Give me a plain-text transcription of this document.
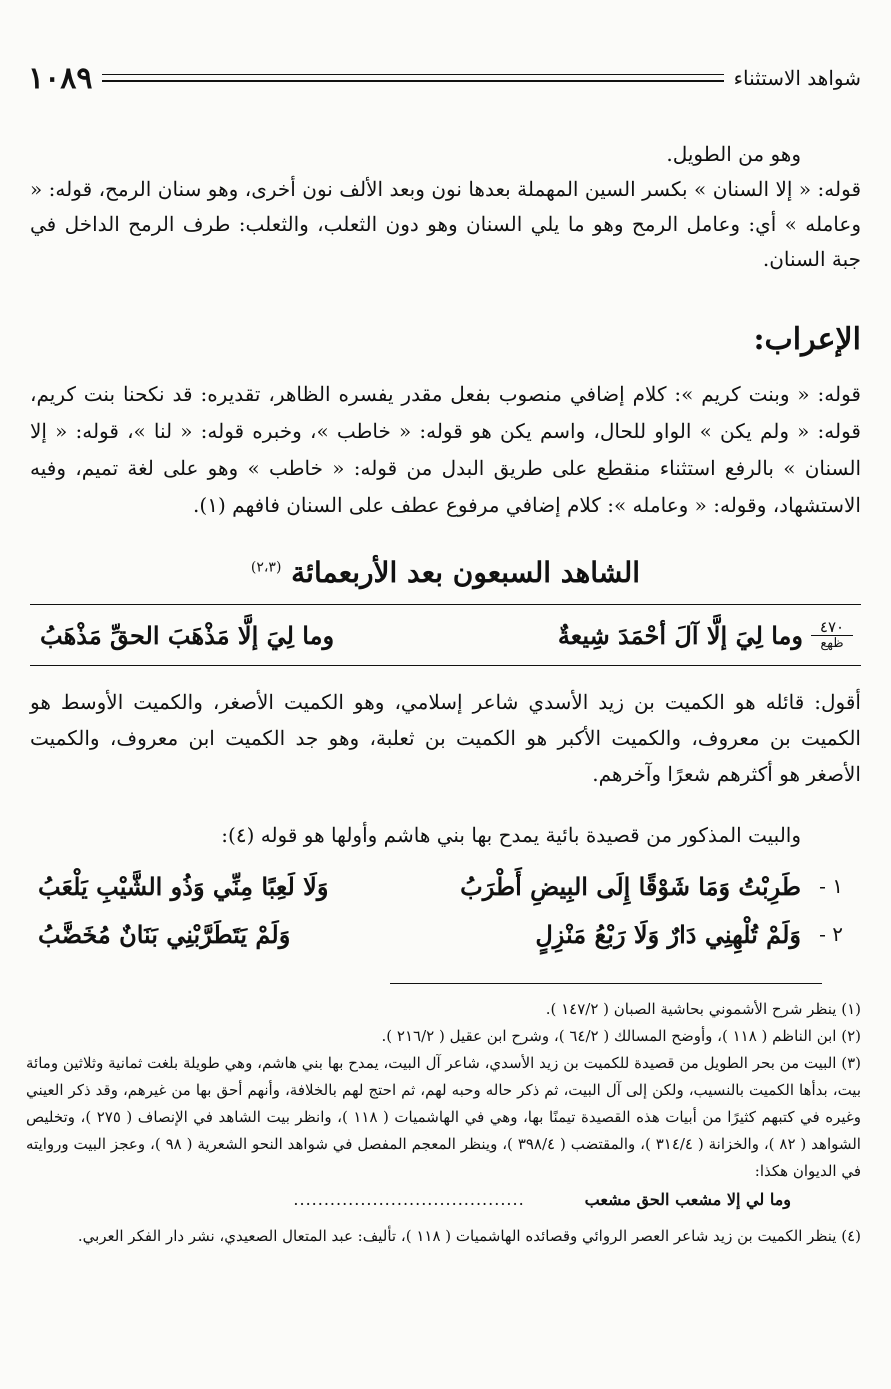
شواهد الاستثناء
١٠٨٩

وهو من الطويل.

قوله: « إلا السنان » بكسر السين المهملة بعدها نون وبعد الألف نون أخرى، وهو سنان الرمح، قوله: « وعامله » أي: وعامل الرمح وهو ما يلي السنان وهو دون الثعلب، والثعلب: طرف الرمح الداخل في جبة السنان.

الإعراب:

قوله: « وبنت كريم »: كلام إضافي منصوب بفعل مقدر يفسره الظاهر، تقديره: قد نكحنا بنت كريم، قوله: « ولم يكن » الواو للحال، واسم يكن هو قوله: « خاطب »، وخبره قوله: « لنا »، قوله: « إلا السنان » بالرفع استثناء منقطع على طريق البدل من قوله: « خاطب » وهو على لغة تميم، وفيه الاستشهاد، وقوله: « وعامله »: كلام إضافي مرفوع عطف على السنان فافهم (١).

الشاهد السبعون بعد الأربعمائة $^{(٢،٣)}$
٤٧٠
ظهع
وما لِيَ إلَّا آلَ أحْمَدَ شِيعةٌ
وما لِيَ إلَّا مَذْهَبَ الحقِّ مَذْهَبُ

أقول: قائله هو الكميت بن زيد الأسدي شاعر إسلامي، وهو الكميت الأصغر، والكميت الأوسط هو الكميت بن معروف، والكميت الأكبر هو الكميت بن ثعلبة، وهو جد الكميت ابن معروف، والكميت الأصغر هو أكثرهم شعرًا وآخرهم.

والبيت المذكور من قصيدة بائية يمدح بها بني هاشم وأولها هو قوله (٤):

١ -
طَرِبْتُ وَمَا شَوْقًا إِلَى البِيضِ أَطْرَبُ
وَلَا لَعِبًا مِنِّي وَذُو الشَّيْبِ يَلْعَبُ
٢ -
وَلَمْ تُلْهِنِي دَارٌ وَلَا رَبْعُ مَنْزِلٍ
وَلَمْ يَتَطَرَّبْنِي بَنَانٌ مُخَضَّبُ

(١) ينظر شرح الأشموني بحاشية الصبان ( ١٤٧/٢ ).

(٢) ابن الناظم ( ١١٨ )، وأوضح المسالك ( ٦٤/٢ )، وشرح ابن عقيل ( ٢١٦/٢ ).

(٣) البيت من بحر الطويل من قصيدة للكميت بن زيد الأسدي، شاعر آل البيت، يمدح بها بني هاشم، وهي طويلة بلغت ثمانية وثلاثين ومائة بيت، بدأها الكميت بالنسيب، ولكن إلى آل البيت، ثم ذكر حاله وحبه لهم، ثم احتج لهم بالخلافة، وأنهم أحق بها من غيرهم، وقد ذكر العيني وغيره في كتبهم كثيرًا من أبيات هذه القصيدة تيمنًا بها، وهي في الهاشميات ( ١١٨ )، وانظر بيت الشاهد في الإنصاف ( ٢٧٥ )، وتخليص الشواهد ( ٨٢ )، والخزانة ( ٣١٤/٤ )، والمقتضب ( ٣٩٨/٤ )، وينظر المعجم المفصل في شواهد النحو الشعرية ( ٩٨ )، وعجز البيت وروايته في الديوان هكذا:

وما لي إلا مشعب الحق مشعب
......................................

(٤) ينظر الكميت بن زيد شاعر العصر الروائي وقصائده الهاشميات ( ١١٨ )، تأليف: عبد المتعال الصعيدي، نشر دار الفكر العربي.
